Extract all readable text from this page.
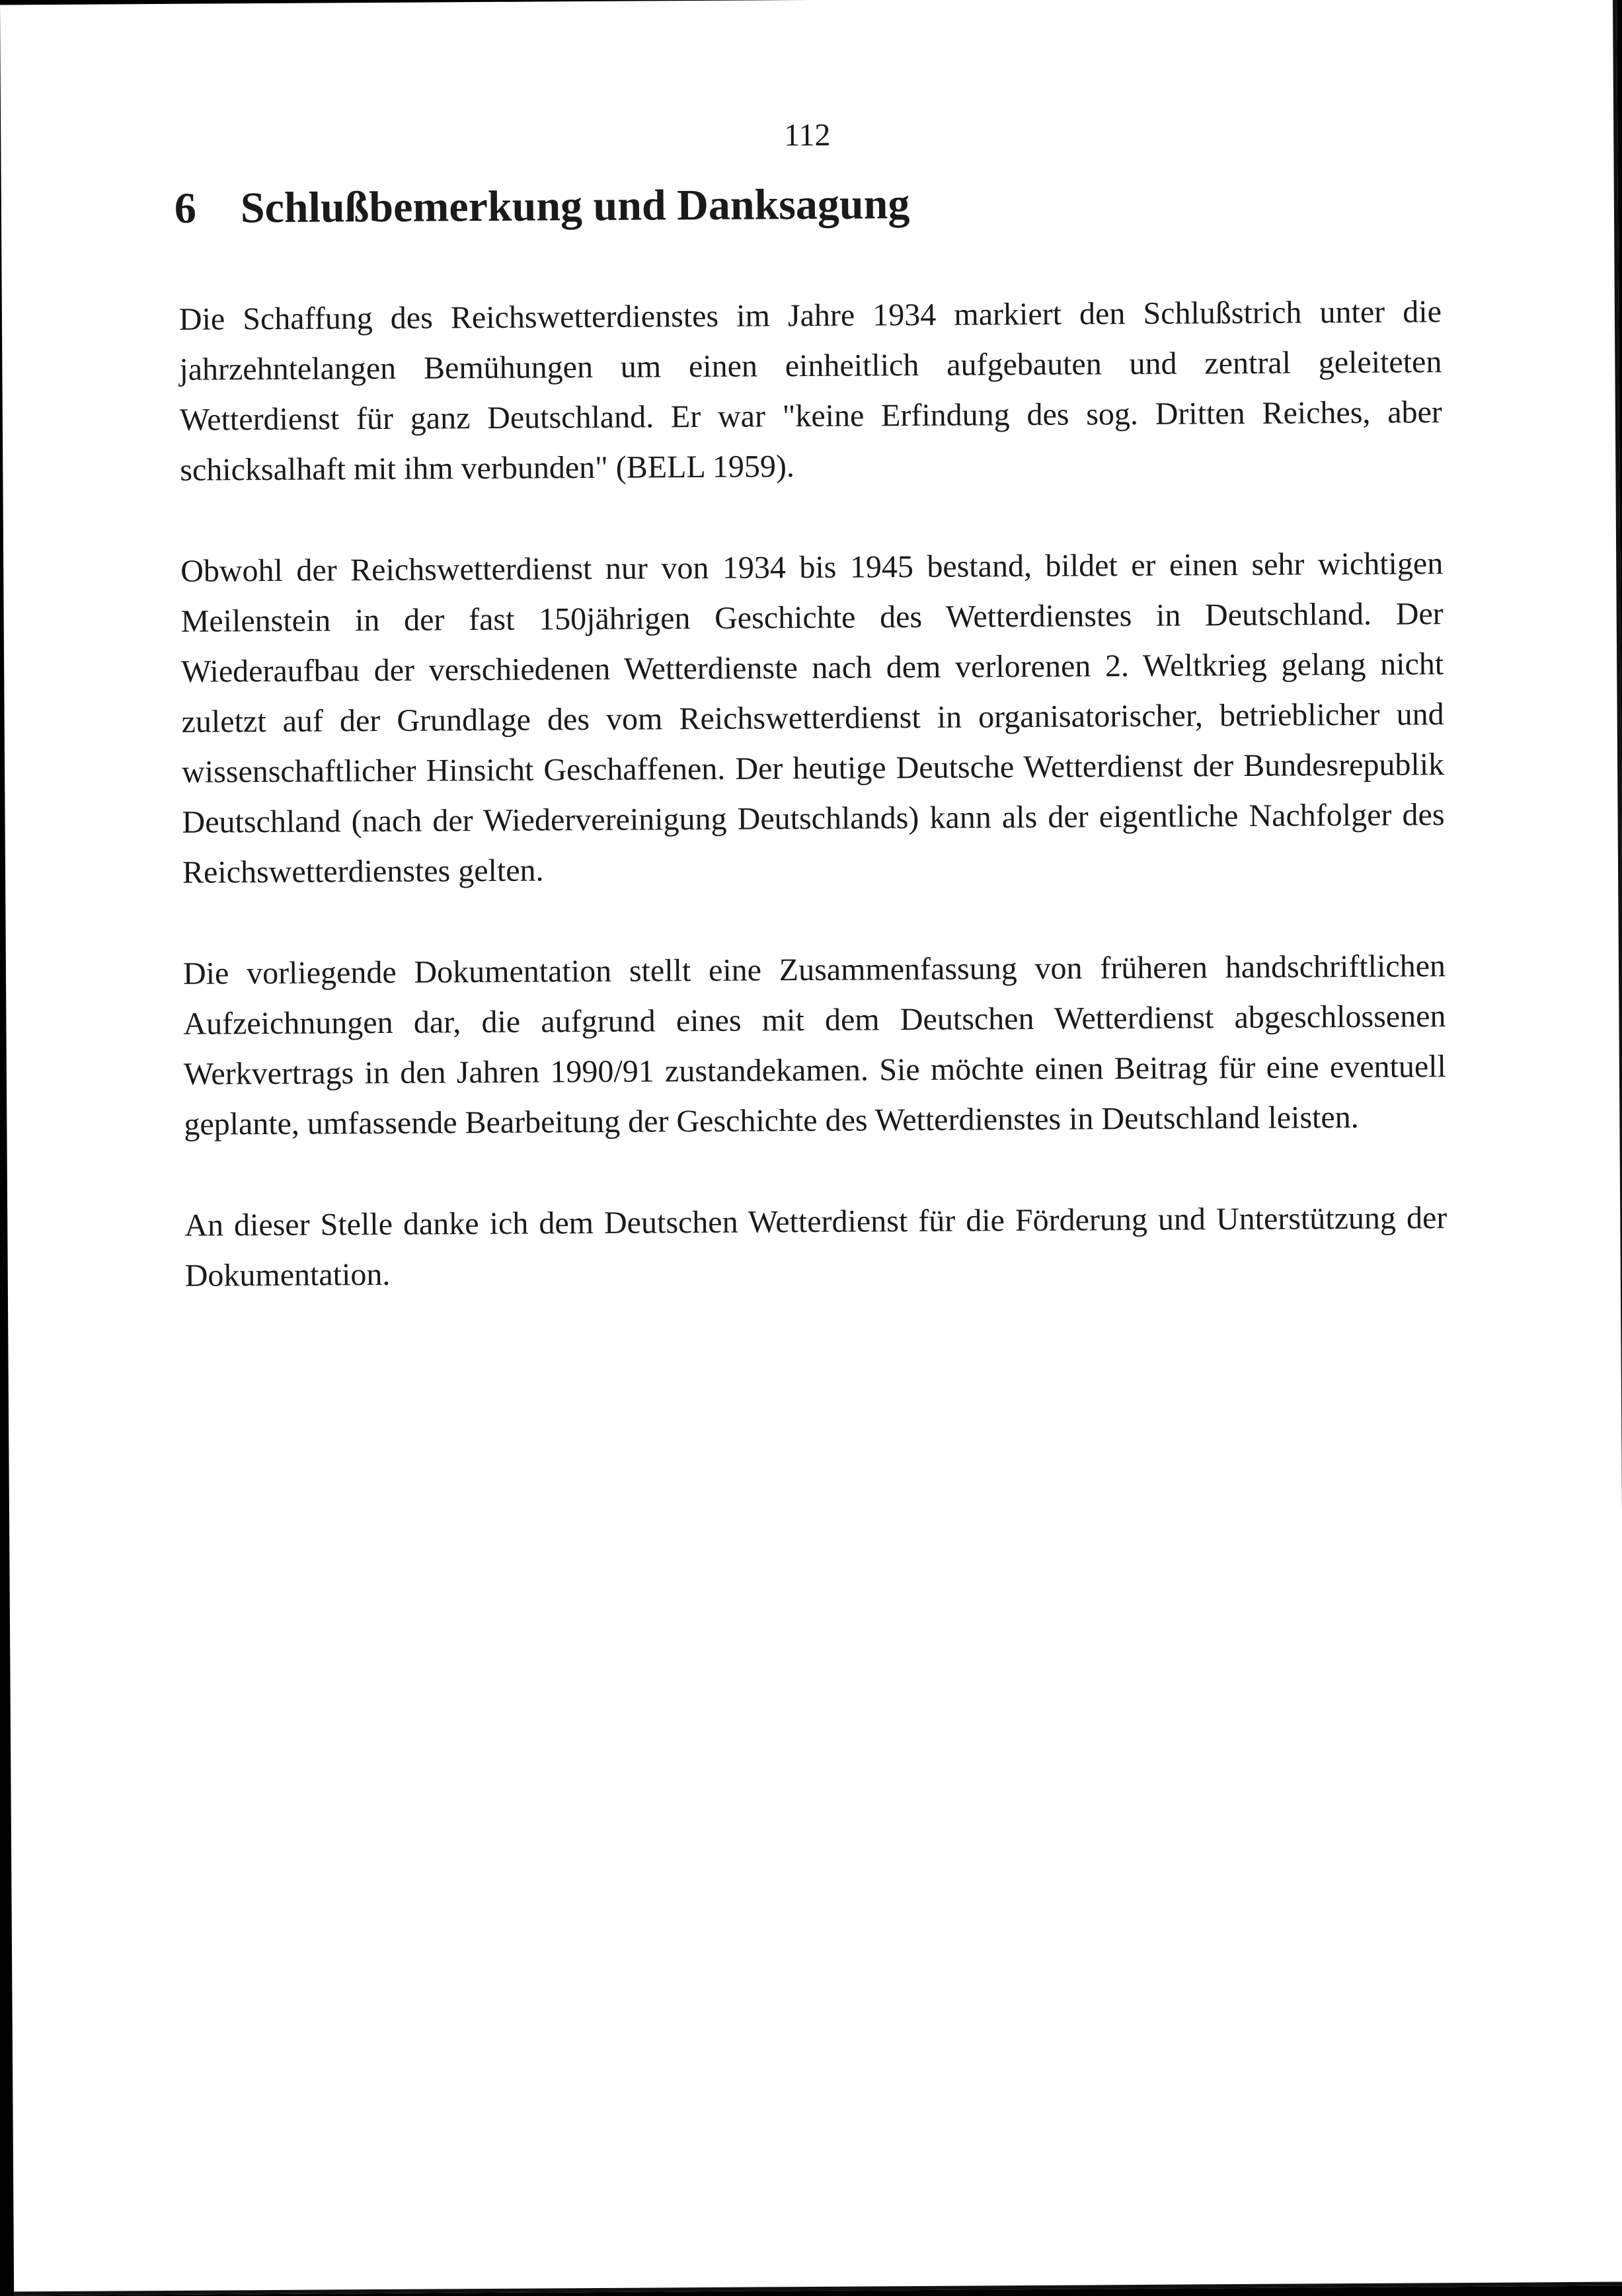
112
6 Schlußbemerkung und Danksagung

Die Schaffung des Reichswetterdienstes im Jahre 1934 markiert den Schlußstrich unter die jahrzehntelangen Bemühungen um einen einheitlich aufgebauten und zentral geleiteten Wetterdienst für ganz Deutschland. Er war "keine Erfindung des sog. Dritten Reiches, aber schicksalhaft mit ihm verbunden" (BELL 1959).

Obwohl der Reichswetterdienst nur von 1934 bis 1945 bestand, bildet er einen sehr wichtigen Meilenstein in der fast 150jährigen Geschichte des Wetterdienstes in Deutschland. Der Wiederaufbau der verschiedenen Wetterdienste nach dem verlorenen 2. Weltkrieg gelang nicht zuletzt auf der Grundlage des vom Reichswetterdienst in organisatorischer, betrieblicher und wissenschaftlicher Hinsicht Geschaffenen. Der heutige Deutsche Wetterdienst der Bundesrepublik Deutschland (nach der Wiedervereinigung Deutschlands) kann als der eigentliche Nachfolger des Reichswetterdienstes gelten.

Die vorliegende Dokumentation stellt eine Zusammenfassung von früheren handschriftlichen Aufzeichnungen dar, die aufgrund eines mit dem Deutschen Wetterdienst abgeschlossenen Werkvertrags in den Jahren 1990/91 zustandekamen. Sie möchte einen Beitrag für eine eventuell geplante, umfassende Bearbeitung der Geschichte des Wetterdienstes in Deutschland leisten.

An dieser Stelle danke ich dem Deutschen Wetterdienst für die Förderung und Unterstützung der Dokumentation.
